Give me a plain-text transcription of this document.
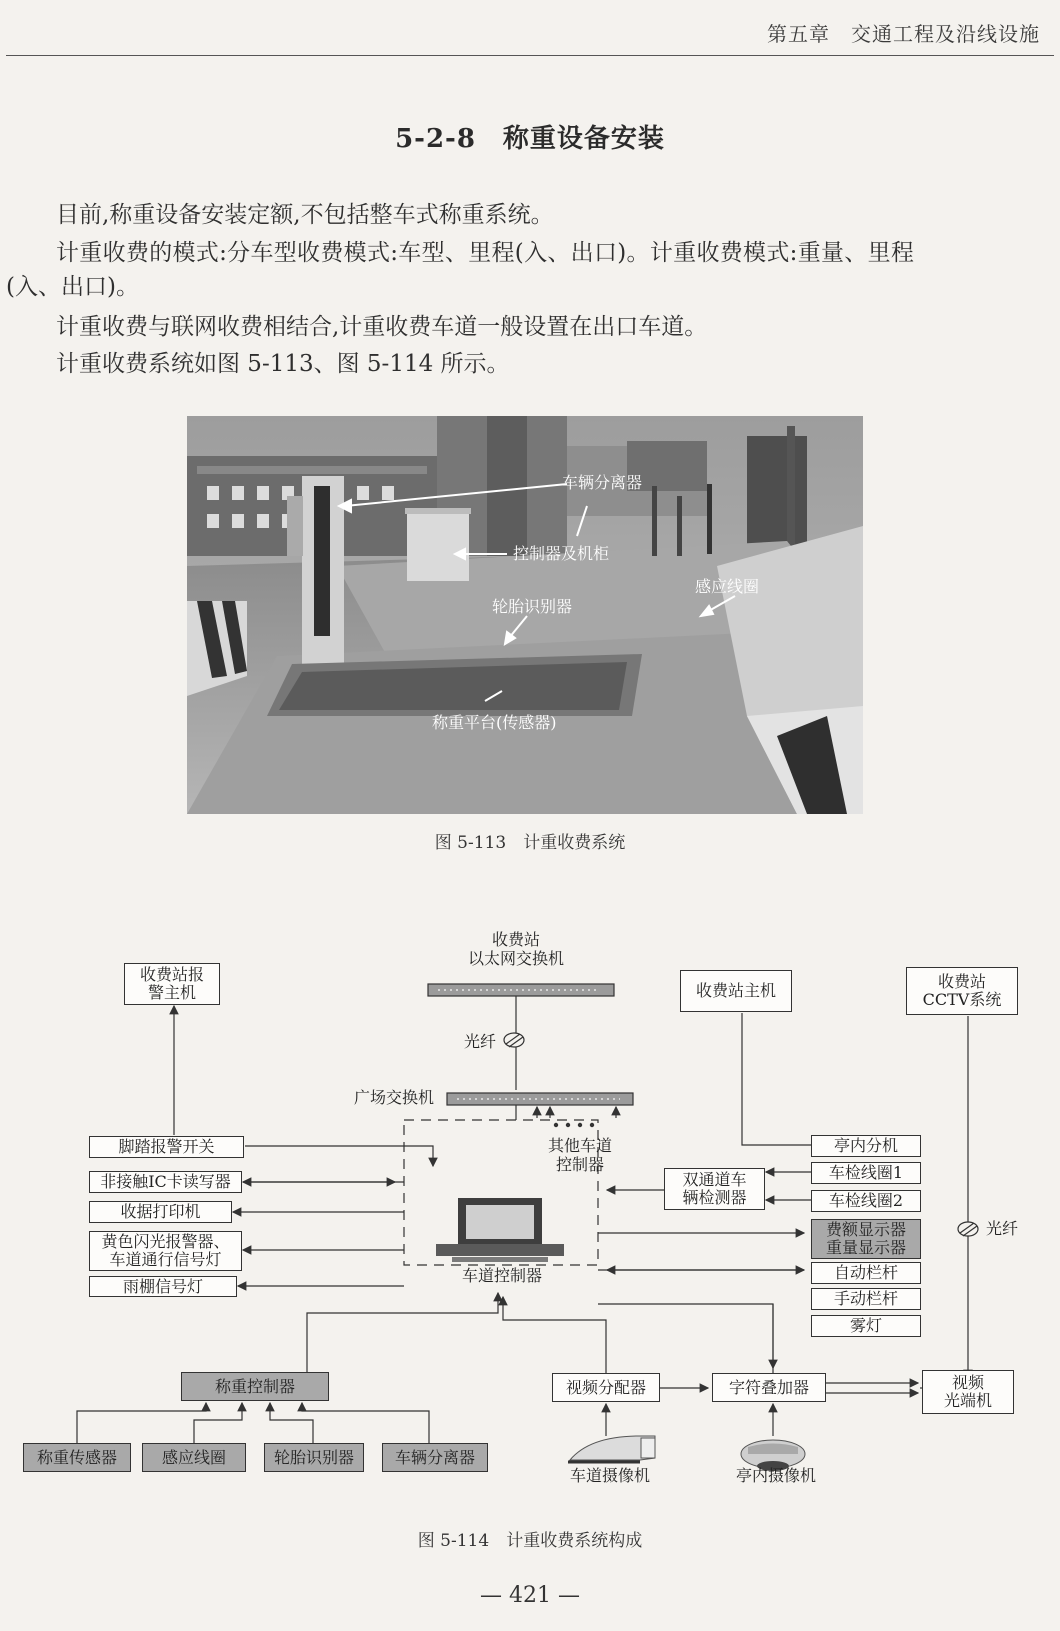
第五章　交通工程及沿线设施
5-2-8　称重设备安装
目前,称重设备安装定额,不包括整车式称重系统。
计重收费的模式:分车型收费模式:车型、里程(入、出口)。计重收费模式:重量、里程
(入、出口)。
计重收费与联网收费相结合,计重收费车道一般设置在出口车道。
计重收费系统如图 5-113、图 5-114 所示。
车辆分离器
控制器及机柜
感应线圈
轮胎识别器
称重平台(传感器)
图 5-113　计重收费系统
收费站
以太网交换机
收费站报
警主机	收费站主机	收费站
CCTV系统
光纤
光纤
广场交换机
其他车道
控制器
脚踏报警开关
非接触IC卡读写器
收据打印机
黄色闪光报警器、
车道通行信号灯
雨棚信号灯
车道控制器
双通道车
辆检测器
亭内分机
车检线圈1
车检线圈2
费额显示器
重量显示器
自动栏杆
手动栏杆
雾灯
称重控制器
称重传感器	感应线圈	轮胎识别器	车辆分离器
视频分配器	字符叠加器	视频
光端机
车道摄像机	亭内摄像机
图 5-114　计重收费系统构成
— 421 —
